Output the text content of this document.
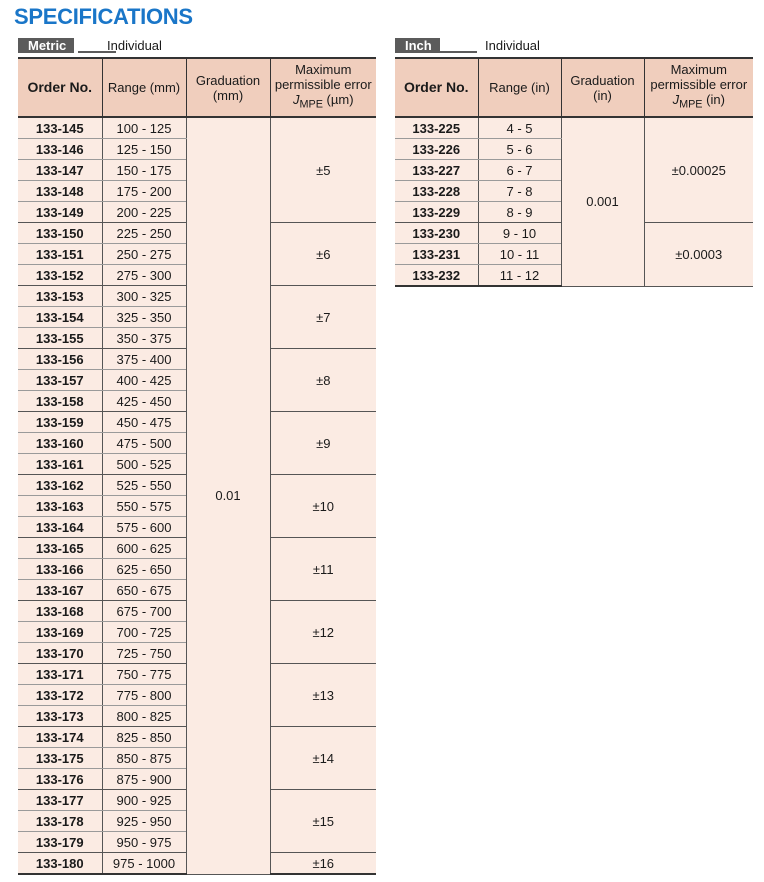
SPECIFICATIONS
Metric	Individual	Inch	Individual
Order No.	Range (mm)	Graduation (mm)	Maximum
permissible error
$J_{MPE}$ (µm)

133-145	100 - 125	0.01	±5
133-146	125 - 150		
133-147	150 - 175		
133-148	175 - 200		
133-149	200 - 225		
133-150	225 - 250		±6
133-151	250 - 275		
133-152	275 - 300		
133-153	300 - 325		±7
133-154	325 - 350		
133-155	350 - 375		
133-156	375 - 400		±8
133-157	400 - 425		
133-158	425 - 450		
133-159	450 - 475		±9
133-160	475 - 500		
133-161	500 - 525		
133-162	525 - 550		±10
133-163	550 - 575		
133-164	575 - 600		
133-165	600 - 625		±11
133-166	625 - 650		
133-167	650 - 675		
133-168	675 - 700		±12
133-169	700 - 725		
133-170	725 - 750		
133-171	750 - 775		±13
133-172	775 - 800		
133-173	800 - 825		
133-174	825 - 850		±14
133-175	850 - 875		
133-176	875 - 900		
133-177	900 - 925		±15
133-178	925 - 950		
133-179	950 - 975		
133-180	975 - 1000		±16
Order No.	Range (in)	Graduation (in)	Maximum
permissible error
$J_{MPE}$ (in)

133-225	4 - 5	0.001	±0.00025
133-226	5 - 6		
133-227	6 - 7		
133-228	7 - 8		
133-229	8 - 9		
133-230	9 - 10		±0.0003
133-231	10 - 11		
133-232	11 - 12		
